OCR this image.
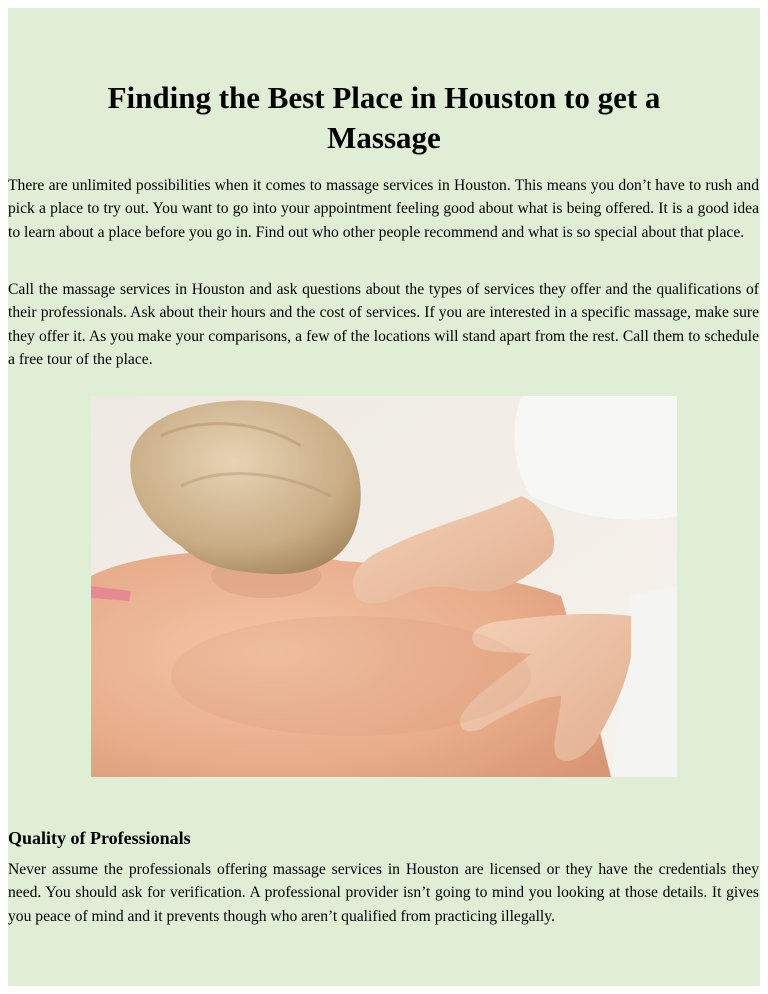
Finding the Best Place in Houston to get a Massage

There are unlimited possibilities when it comes to massage services in Houston. This means you don’t have to rush and pick a place to try out. You want to go into your appointment feeling good about what is being offered. It is a good idea to learn about a place before you go in. Find out who other people recommend and what is so special about that place.

Call the massage services in Houston and ask questions about the types of services they offer and the qualifications of their professionals. Ask about their hours and the cost of services. If you are interested in a specific massage, make sure they offer it. As you make your comparisons, a few of the locations will stand apart from the rest. Call them to schedule a free tour of the place.

Quality of Professionals

Never assume the professionals offering massage services in Houston are licensed or they have the credentials they need. You should ask for verification. A professional provider isn’t going to mind you looking at those details. It gives you peace of mind and it prevents though who aren’t qualified from practicing illegally.
